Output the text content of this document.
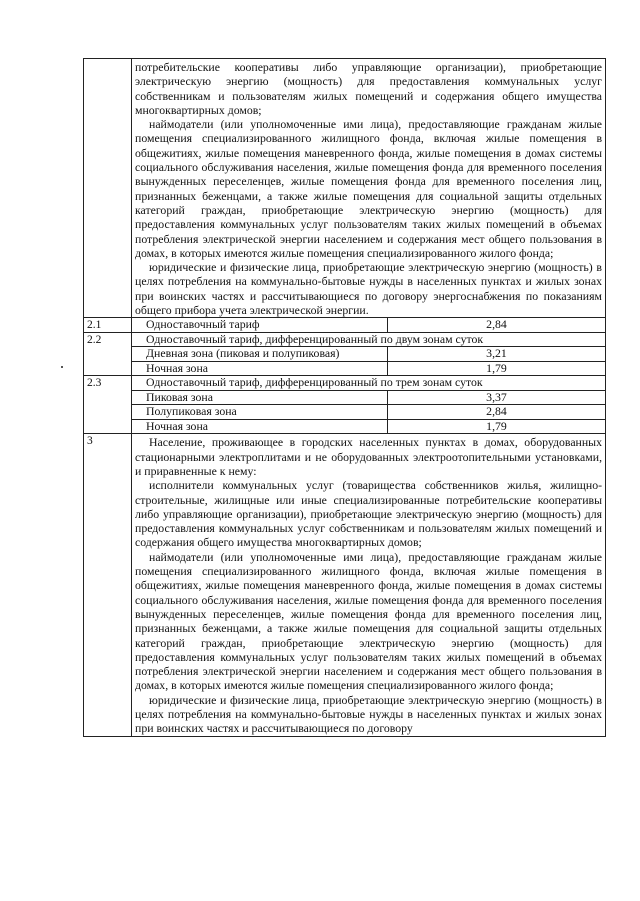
	потребительские кооперативы либо управляющие организации), приобретающие электрическую энергию (мощность) для предоставления коммунальных услуг собственникам и пользователям жилых помещений и содержания общего имущества многоквартирных домов;

наймодатели (или уполномоченные ими лица), предоставляющие гражданам жилые помещения специализированного жилищного фонда, включая жилые помещения в общежитиях, жилые помещения маневренного фонда, жилые помещения в домах системы социального обслуживания населения, жилые помещения фонда для временного поселения вынужденных переселенцев, жилые помещения фонда для временного поселения лиц, признанных беженцами, а также жилые помещения для социальной защиты отдельных категорий граждан, приобретающие электрическую энергию (мощность) для предоставления коммунальных услуг пользователям таких жилых помещений в объемах потребления электрической энергии населением и содержания мест общего пользования в домах, в которых имеются жилые помещения специализированного жилого фонда;

юридические и физические лица, приобретающие электрическую энергию (мощность) в целях потребления на коммунально-бытовые нужды в населенных пунктах и жилых зонах при воинских частях и рассчитывающиеся по договору энергоснабжения по показаниям общего прибора учета электрической энергии.	

2.1	Одноставочный тариф	2,84

2.2	Одноставочный тариф, дифференцированный по двум зонам суток	

	Дневная зона (пиковая и полупиковая)	3,21
	Ночная зона	1,79
2.3	Одноставочный тариф, дифференцированный по трем зонам суток	

	Пиковая зона	3,37
	Полупиковая зона	2,84
	Ночная зона	1,79
3	Население, проживающее в городских населенных пунктах в домах, оборудованных стационарными электроплитами и не оборудованных электроотопительными установками, и приравненные к нему:

исполнители коммунальных услуг (товарищества собственников жилья, жилищно-строительные, жилищные или иные специализированные потребительские кооперативы либо управляющие организации), приобретающие электрическую энергию (мощность) для предоставления коммунальных услуг собственникам и пользователям жилых помещений и содержания общего имущества многоквартирных домов;

наймодатели (или уполномоченные ими лица), предоставляющие гражданам жилые помещения специализированного жилищного фонда, включая жилые помещения в общежитиях, жилые помещения маневренного фонда, жилые помещения в домах системы социального обслуживания населения, жилые помещения фонда для временного поселения вынужденных переселенцев, жилые помещения фонда для временного поселения лиц, признанных беженцами, а также жилые помещения для социальной защиты отдельных категорий граждан, приобретающие электрическую энергию (мощность) для предоставления коммунальных услуг пользователям таких жилых помещений в объемах потребления электрической энергии населением и содержания мест общего пользования в домах, в которых имеются жилые помещения специализированного жилого фонда;

юридические и физические лица, приобретающие электрическую энергию (мощность) в целях потребления на коммунально-бытовые нужды в населенных пунктах и жилых зонах при воинских частях и рассчитывающиеся по договору	
